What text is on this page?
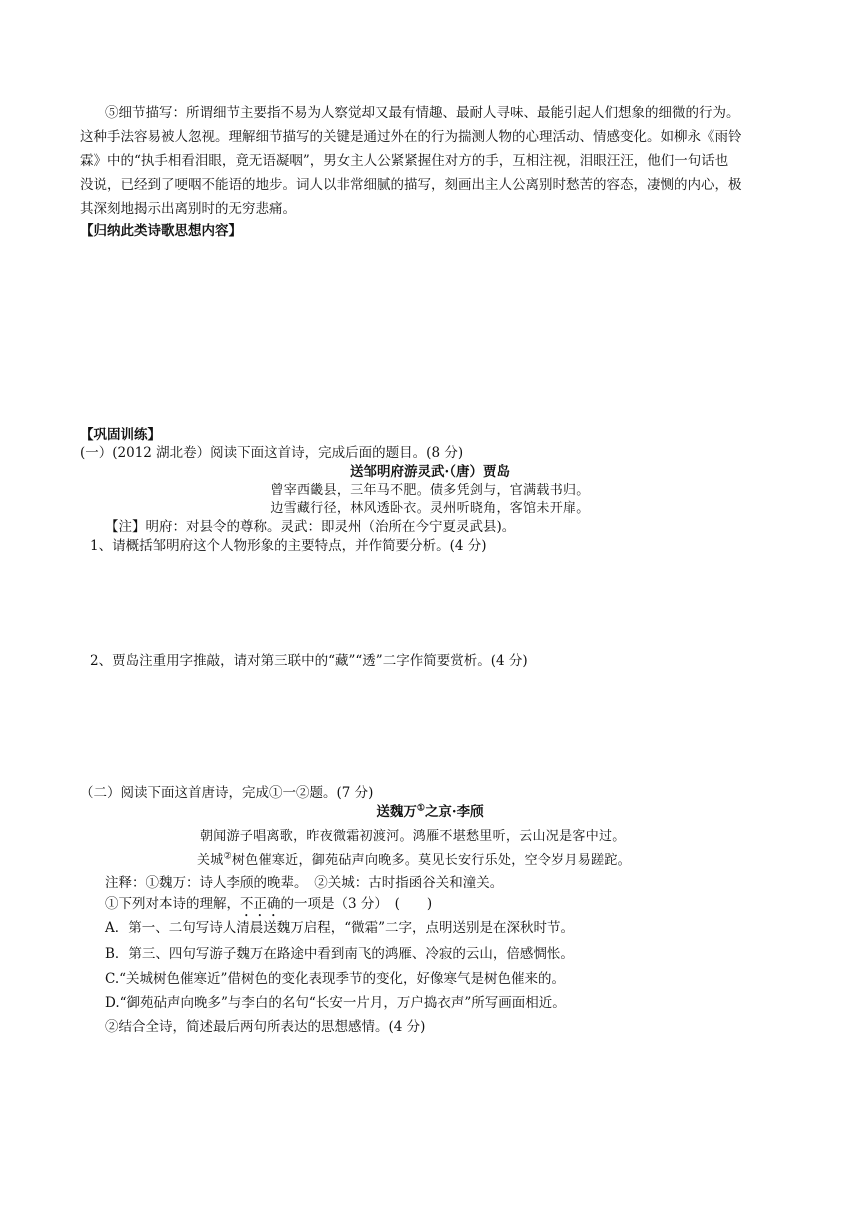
⑤细节描写：所谓细节主要指不易为人察觉却又最有情趣、最耐人寻味、最能引起人们想象的细微的行为。
这种手法容易被人忽视。理解细节描写的关键是通过外在的行为揣测人物的心理活动、情感变化。如柳永《雨铃
霖》中的“执手相看泪眼，竟无语凝咽”，男女主人公紧紧握住对方的手，互相注视，泪眼汪汪，他们一句话也
没说，已经到了哽咽不能语的地步。词人以非常细腻的描写，刻画出主人公离别时愁苦的容态，凄恻的内心，极
其深刻地揭示出离别时的无穷悲痛。
【归纳此类诗歌思想内容】
【巩固训练】
(一）(2012 湖北卷）阅读下面这首诗，完成后面的题目。(8 分)
送邹明府游灵武·（唐）贾岛
曾宰西畿县，三年马不肥。债多凭剑与，官满载书归。
边雪藏行径，林风透卧衣。灵州听晓角，客馆未开扉。
【注】明府：对县令的尊称。灵武：即灵州（治所在今宁夏灵武县)。
1、请概括邹明府这个人物形象的主要特点，并作简要分析。(4 分)
2、贾岛注重用字推敲，请对第三联中的“藏”“透”二字作简要赏析。(4 分)
（二）阅读下面这首唐诗，完成①一②题。(7 分)
送魏万①之京·李颀
朝闻游子唱离歌，昨夜微霜初渡河。鸿雁不堪愁里听，云山况是客中过。
关城②树色催寒近，御苑砧声向晚多。莫见长安行乐处，空令岁月易蹉跎。
注释：①魏万：诗人李颀的晚辈。　②关城：古时指函谷关和潼关。
①下列对本诗的理解，不正确的一项是（3 分）　(　　)
A．第一、二句写诗人清晨送魏万启程，“微霜”二字，点明送别是在深秋时节。
B．第三、四句写游子魏万在路途中看到南飞的鸿雁、冷寂的云山，倍感惆怅。
C.“关城树色催寒近”借树色的变化表现季节的变化，好像寒气是树色催来的。
D.“御苑砧声向晚多”与李白的名句“长安一片月，万户捣衣声”所写画面相近。
②结合全诗，简述最后两句所表达的思想感情。(4 分)
